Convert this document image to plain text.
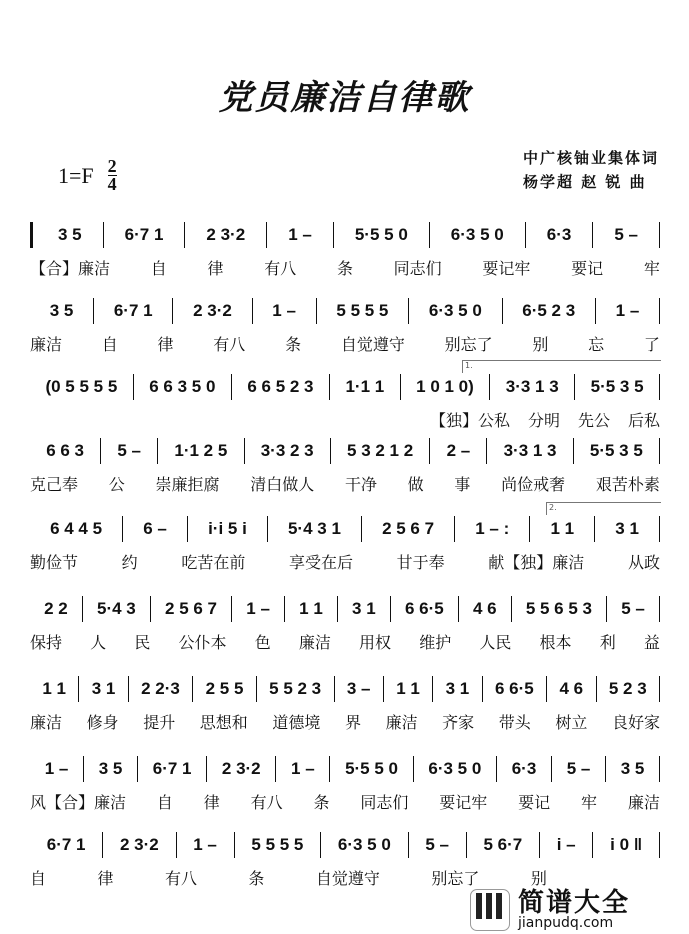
党员廉洁自律歌
$1=F \frac{2}{4}$	中广核铀业集体词
杨学超 赵 锐 曲
3 5	6·7 1	2 3·2	1 –	5·5 5 0	6·3 5 0	6·3	5 –
【合】廉洁	自	律	有八	条	同志们	要记牢	要记	牢
3 5	6·7 1	2 3·2	1 –	5 5 5 5	6·3 5 0	6·5 2 3	1 –
廉洁 自 律 有八 条 自觉遵守 别忘了 别 忘 了
(0 5 5 5 5	6 6 3 5 0	6 6 5 2 3	1·1 1	1 0 1 0)	3·3 1 3	5·5 3 5
1.
【独】公私 分明 先公 后私
6 6 3	5 –	1·1 2 5	3·3 2 3	5 3 2 1 2	2 –	3·3 1 3	5·5 3 5
克己奉 公 崇廉拒腐 清白做人 干净 做 事 尚俭戒奢 艰苦朴素
6 4 4 5	6 –	i·i 5 i	5·4 3 1	2 5 6 7	1 – :	1 1	3 1
2.
勤俭节	约	吃苦在前	享受在后	甘于奉	献【独】廉洁	从政
2 2	5·4 3	2 5 6 7	1 –	1 1	3 1	6 6·5	4 6	5 5 6 5 3	5 –
保持 人 民 公仆本 色 廉洁 用权 维护 人民 根本 利 益
1 1	3 1	2 2·3	2 5 5	5 5 2 3	3 –	1 1	3 1	6 6·5	4 6	5 2 3
廉洁 修身 提升 思想和 道德境 界 廉洁 齐家 带头 树立 良好家
1 –	3 5	6·7 1	2 3·2	1 –	5·5 5 0	6·3 5 0	6·3	5 –	3 5
风【合】廉洁 自 律 有八 条 同志们 要记牢 要记 牢 廉洁
6·7 1	2 3·2	1 –	5 5 5 5	6·3 5 0	5 –	5 6·7	i –	i 0 ‖
自	律	有八	条	自觉遵守	别忘了	别

简谱大全
jianpudq.com
